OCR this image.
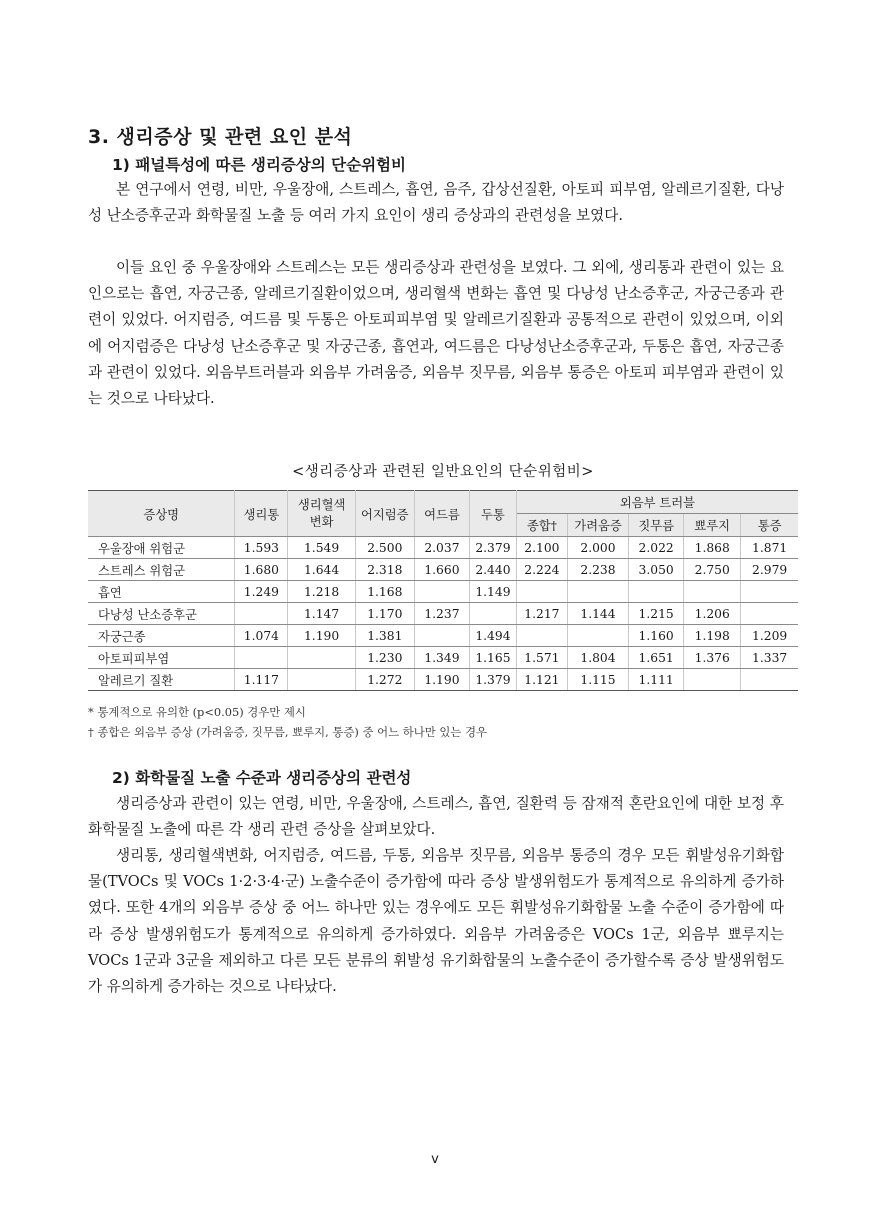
3. 생리증상 및 관련 요인 분석
1) 패널특성에 따른 생리증상의 단순위험비

본 연구에서 연령, 비만, 우울장애, 스트레스, 흡연, 음주, 갑상선질환, 아토피 피부염, 알레르기질환, 다낭성 난소증후군과 화학물질 노출 등 여러 가지 요인이 생리 증상과의 관련성을 보였다.

이들 요인 중 우울장애와 스트레스는 모든 생리증상과 관련성을 보였다. 그 외에, 생리통과 관련이 있는 요인으로는 흡연, 자궁근종, 알레르기질환이었으며, 생리혈색 변화는 흡연 및 다낭성 난소증후군, 자궁근종과 관련이 있었다. 어지럼증, 여드름 및 두통은 아토피피부염 및 알레르기질환과 공통적으로 관련이 있었으며, 이외에 어지럼증은 다낭성 난소증후군 및 자궁근종, 흡연과, 여드름은 다낭성난소증후군과, 두통은 흡연, 자궁근종과 관련이 있었다. 외음부트러블과 외음부 가려움증, 외음부 짓무름, 외음부 통증은 아토피 피부염과 관련이 있는 것으로 나타났다.

<생리증상과 관련된 일반요인의 단순위험비>
증상명	생리통	생리혈색 변화	어지럼증	여드름	두통	외음부 트러블				
						종합†	가려움증	짓무름	뾰루지	통증
우울장애 위험군	1.593	1.549	2.500	2.037	2.379	2.100	2.000	2.022	1.868	1.871
스트레스 위험군	1.680	1.644	2.318	1.660	2.440	2.224	2.238	3.050	2.750	2.979
흡연	1.249	1.218	1.168		1.149					
다낭성 난소증후군		1.147	1.170	1.237		1.217	1.144	1.215	1.206	
자궁근종	1.074	1.190	1.381		1.494			1.160	1.198	1.209
아토피피부염			1.230	1.349	1.165	1.571	1.804	1.651	1.376	1.337
알레르기 질환	1.117		1.272	1.190	1.379	1.121	1.115	1.111		
* 통계적으로 유의한 (p<0.05) 경우만 제시
† 종합은 외음부 증상 (가려움증, 짓무름, 뾰루지, 통증) 중 어느 하나만 있는 경우
2) 화학물질 노출 수준과 생리증상의 관련성

생리증상과 관련이 있는 연령, 비만, 우울장애, 스트레스, 흡연, 질환력 등 잠재적 혼란요인에 대한 보정 후 화학물질 노출에 따른 각 생리 관련 증상을 살펴보았다.

생리통, 생리혈색변화, 어지럼증, 여드름, 두통, 외음부 짓무름, 외음부 통증의 경우 모든 휘발성유기화합물(TVOCs 및 VOCs 1·2·3·4·군) 노출수준이 증가함에 따라 증상 발생위험도가 통계적으로 유의하게 증가하였다. 또한 4개의 외음부 증상 중 어느 하나만 있는 경우에도 모든 휘발성유기화합물 노출 수준이 증가함에 따라 증상 발생위험도가 통계적으로 유의하게 증가하였다. 외음부 가려움증은 VOCs 1군, 외음부 뾰루지는 VOCs 1군과 3군을 제외하고 다른 모든 분류의 휘발성 유기화합물의 노출수준이 증가할수록 증상 발생위험도가 유의하게 증가하는 것으로 나타났다.

v
